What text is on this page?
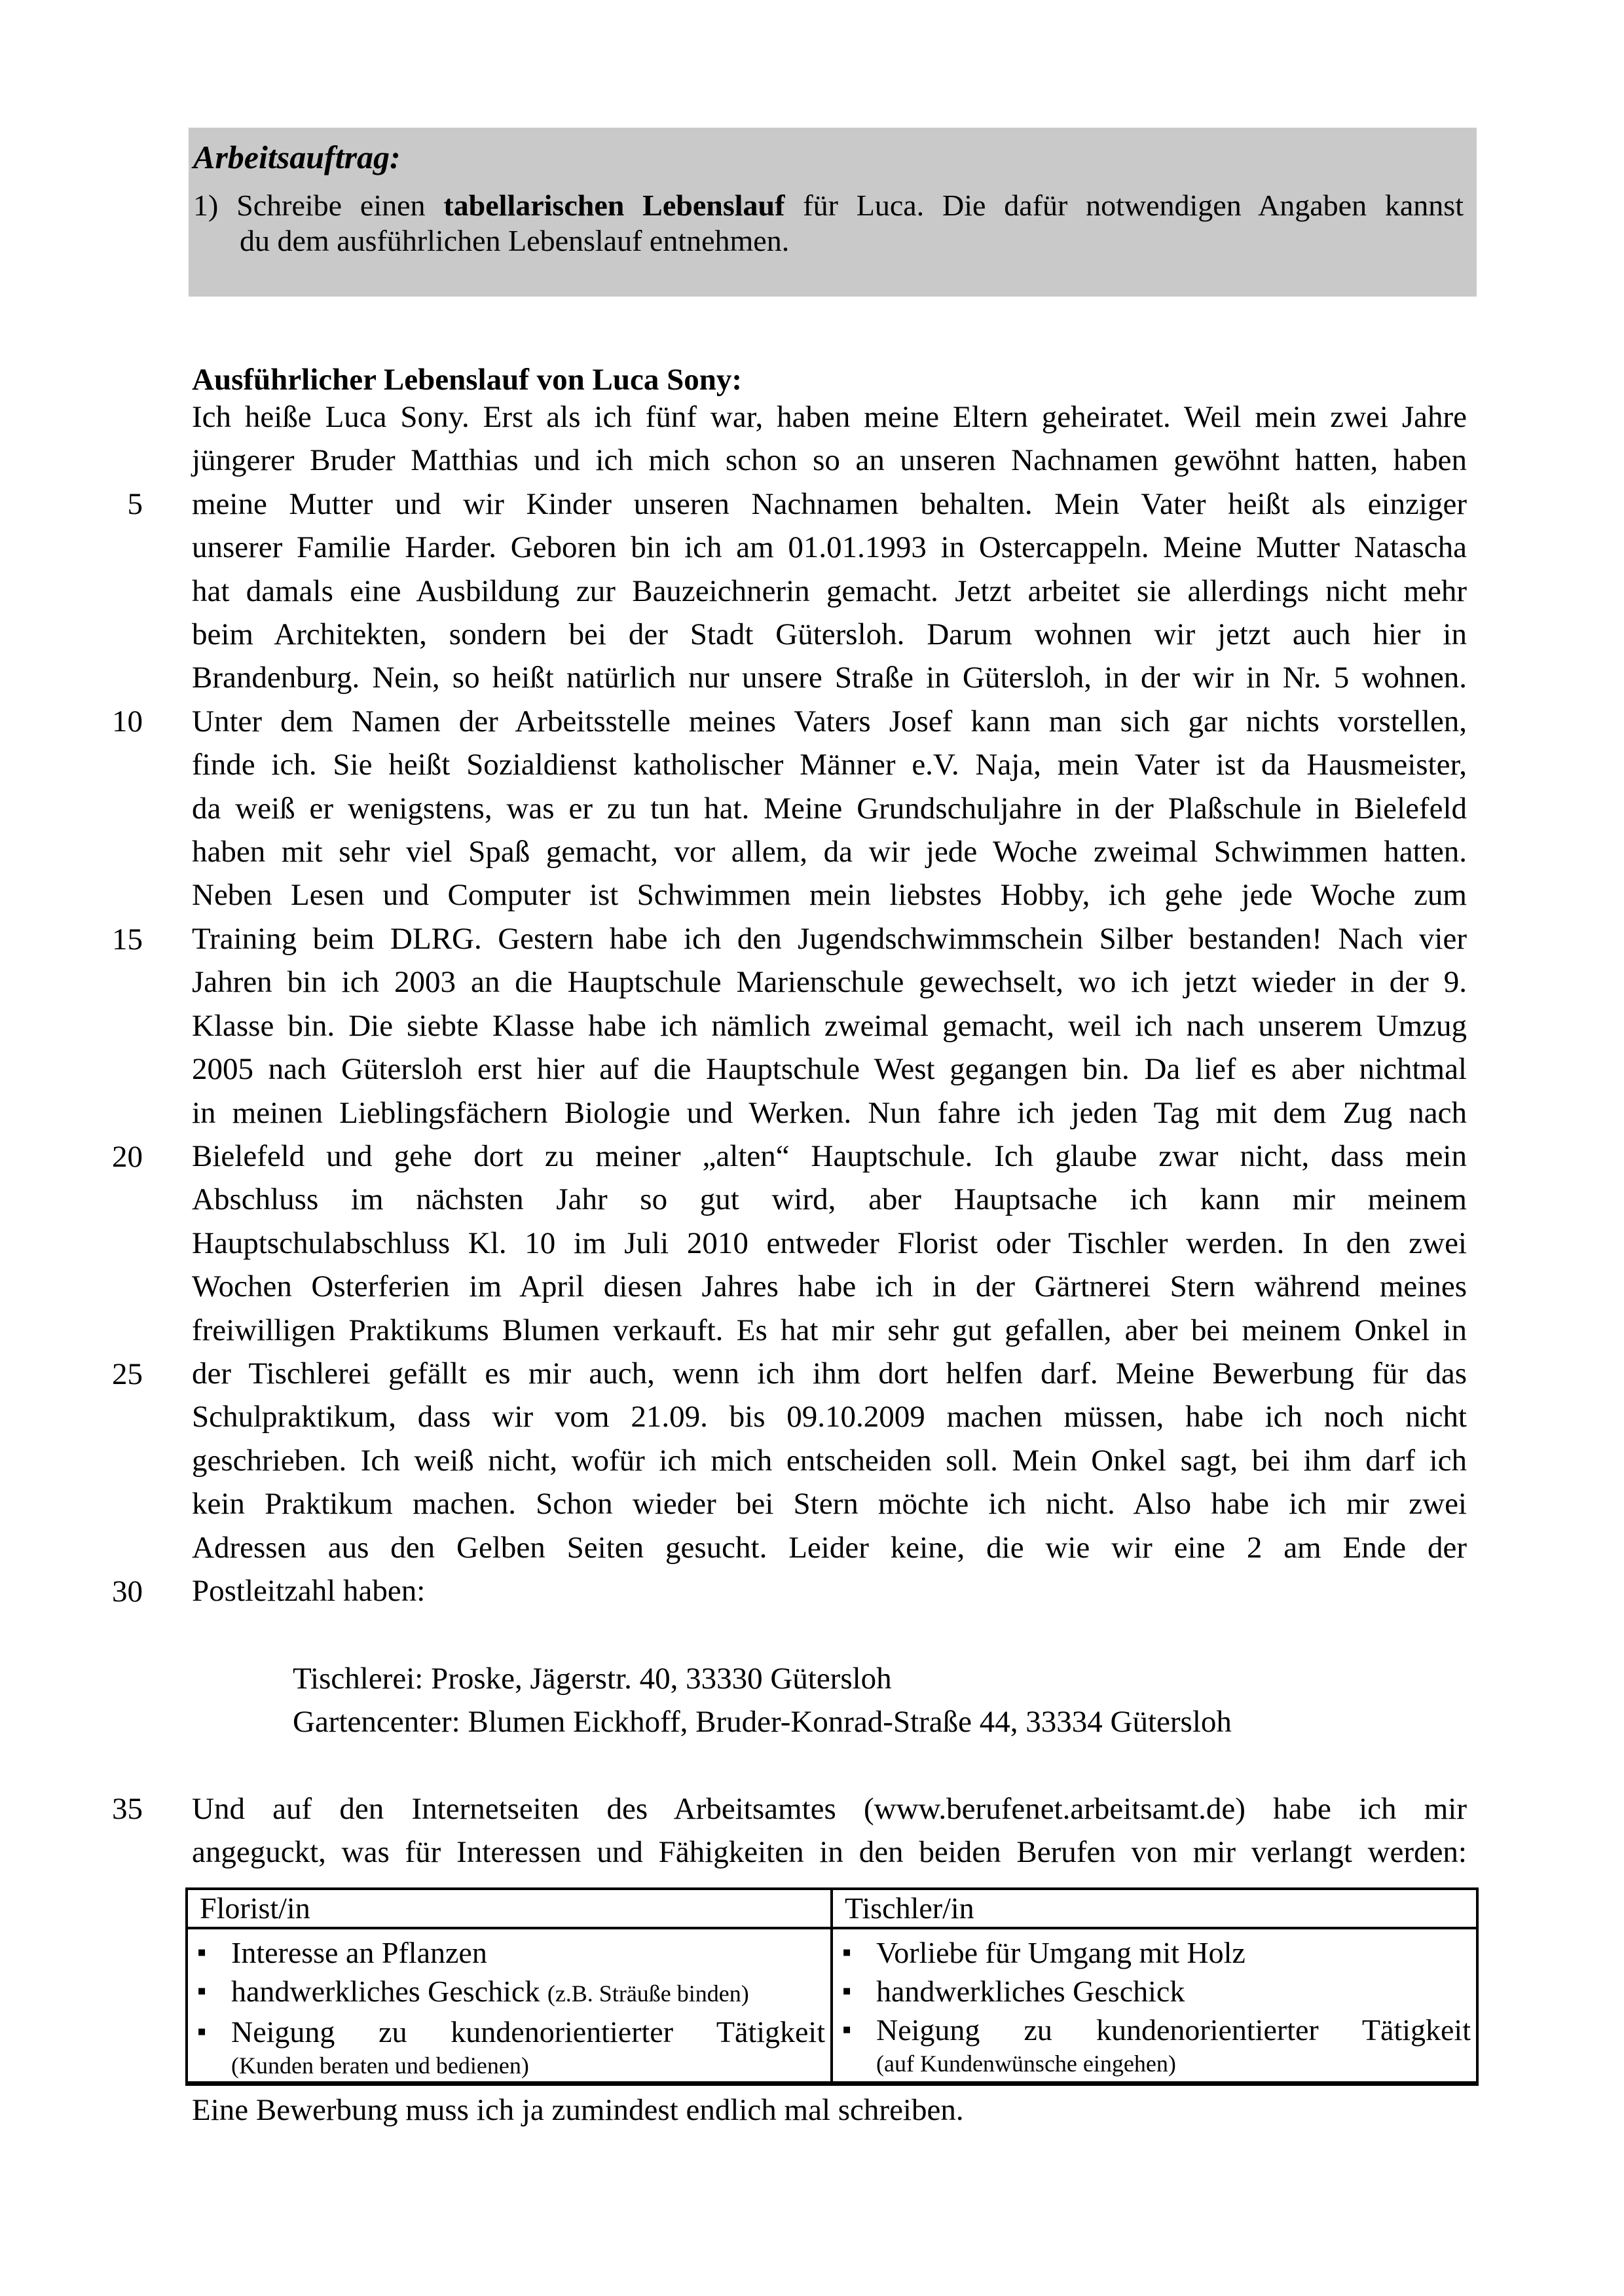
Arbeitsauftrag:
1) Schreibe einen tabellarischen Lebenslauf für Luca. Die dafür notwendigen Angaben kannst
du dem ausführlichen Lebenslauf entnehmen.
Ausführlicher Lebenslauf von Luca Sony:
5
10
15
20
25
30
35
Ich heiße Luca Sony. Erst als ich fünf war, haben meine Eltern geheiratet. Weil mein zwei Jahre
jüngerer Bruder Matthias und ich mich schon so an unseren Nachnamen gewöhnt hatten, haben
meine Mutter und wir Kinder unseren Nachnamen behalten. Mein Vater heißt als einziger
unserer Familie Harder. Geboren bin ich am 01.01.1993 in Ostercappeln. Meine Mutter Natascha
hat damals eine Ausbildung zur Bauzeichnerin gemacht. Jetzt arbeitet sie allerdings nicht mehr
beim Architekten, sondern bei der Stadt Gütersloh. Darum wohnen wir jetzt auch hier in
Brandenburg. Nein, so heißt natürlich nur unsere Straße in Gütersloh, in der wir in Nr. 5 wohnen.
Unter dem Namen der Arbeitsstelle meines Vaters Josef kann man sich gar nichts vorstellen,
finde ich. Sie heißt Sozialdienst katholischer Männer e.V. Naja, mein Vater ist da Hausmeister,
da weiß er wenigstens, was er zu tun hat. Meine Grundschuljahre in der Plaßschule in Bielefeld
haben mit sehr viel Spaß gemacht, vor allem, da wir jede Woche zweimal Schwimmen hatten.
Neben Lesen und Computer ist Schwimmen mein liebstes Hobby, ich gehe jede Woche zum
Training beim DLRG. Gestern habe ich den Jugendschwimmschein Silber bestanden! Nach vier
Jahren bin ich 2003 an die Hauptschule Marienschule gewechselt, wo ich jetzt wieder in der 9.
Klasse bin. Die siebte Klasse habe ich nämlich zweimal gemacht, weil ich nach unserem Umzug
2005 nach Gütersloh erst hier auf die Hauptschule West gegangen bin. Da lief es aber nichtmal
in meinen Lieblingsfächern Biologie und Werken. Nun fahre ich jeden Tag mit dem Zug nach
Bielefeld und gehe dort zu meiner „alten“ Hauptschule. Ich glaube zwar nicht, dass mein
Abschluss im nächsten Jahr so gut wird, aber Hauptsache ich kann mir meinem
Hauptschulabschluss Kl. 10 im Juli 2010 entweder Florist oder Tischler werden. In den zwei
Wochen Osterferien im April diesen Jahres habe ich in der Gärtnerei Stern während meines
freiwilligen Praktikums Blumen verkauft. Es hat mir sehr gut gefallen, aber bei meinem Onkel in
der Tischlerei gefällt es mir auch, wenn ich ihm dort helfen darf. Meine Bewerbung für das
Schulpraktikum, dass wir vom 21.09. bis 09.10.2009 machen müssen, habe ich noch nicht
geschrieben. Ich weiß nicht, wofür ich mich entscheiden soll. Mein Onkel sagt, bei ihm darf ich
kein Praktikum machen. Schon wieder bei Stern möchte ich nicht. Also habe ich mir zwei
Adressen aus den Gelben Seiten gesucht. Leider keine, die wie wir eine 2 am Ende der
Postleitzahl haben:
Tischlerei: Proske, Jägerstr. 40, 33330 Gütersloh
Gartencenter: Blumen Eickhoff, Bruder-Konrad-Straße 44, 33334 Gütersloh
Und auf den Internetseiten des Arbeitsamtes (www.berufenet.arbeitsamt.de) habe ich mir
angeguckt, was für Interessen und Fähigkeiten in den beiden Berufen von mir verlangt werden:
Florist/in	Tischler/in
▪ Interesse an Pflanzen
▪ handwerkliches Geschick (z.B. Sträuße binden)
▪ Neigung zu kundenorientierter Tätigkeit
(Kunden beraten und bedienen)
▪ Vorliebe für Umgang mit Holz
▪ handwerkliches Geschick
▪ Neigung zu kundenorientierter Tätigkeit
(auf Kundenwünsche eingehen)
Eine Bewerbung muss ich ja zumindest endlich mal schreiben.
